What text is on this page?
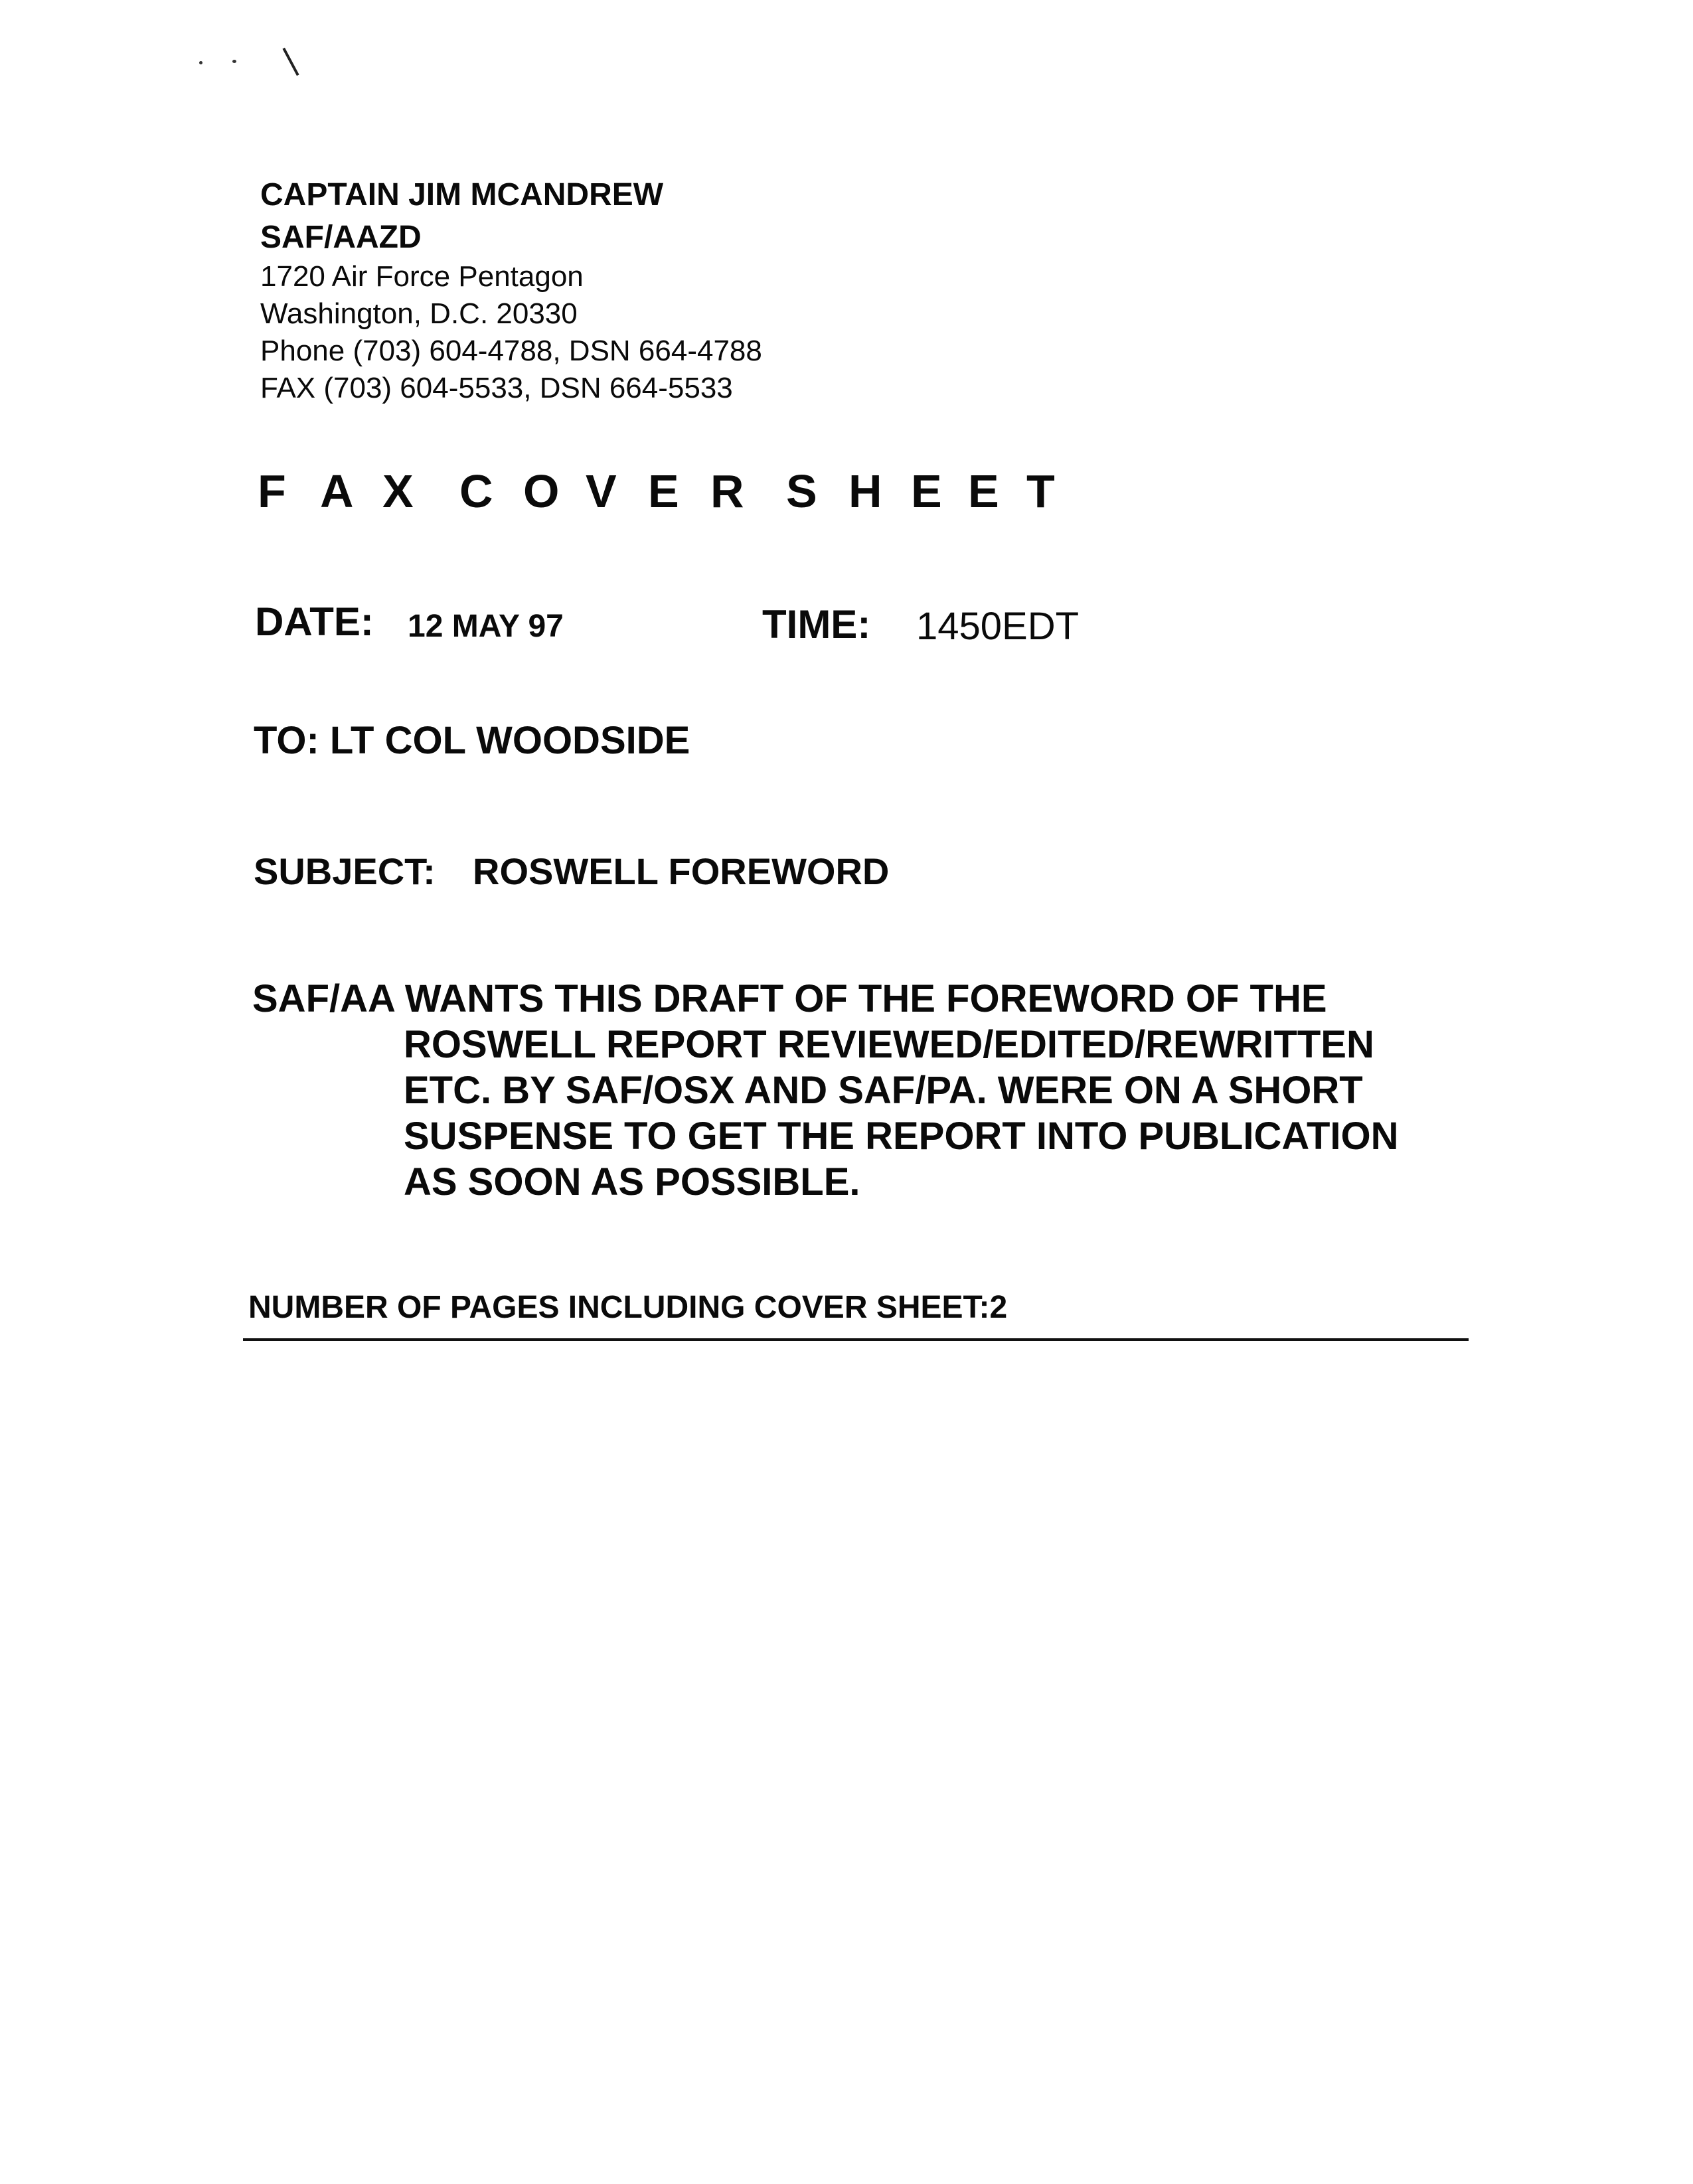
CAPTAIN JIM MCANDREW
SAF/AAZD
1720 Air Force Pentagon
Washington, D.C. 20330
Phone (703) 604-4788, DSN 664-4788
FAX (703) 604-5533, DSN 664-5533
F A X C O V E R S H E E T
DATE: 12 MAY 97	TIME: 1450EDT
TO: LT COL WOODSIDE
SUBJECT: ROSWELL FOREWORD
SAF/AA WANTS THIS DRAFT OF THE FOREWORD OF THE
ROSWELL REPORT REVIEWED/EDITED/REWRITTEN
ETC. BY SAF/OSX AND SAF/PA. WERE ON A SHORT
SUSPENSE TO GET THE REPORT INTO PUBLICATION
AS SOON AS POSSIBLE.
NUMBER OF PAGES INCLUDING COVER SHEET:2
